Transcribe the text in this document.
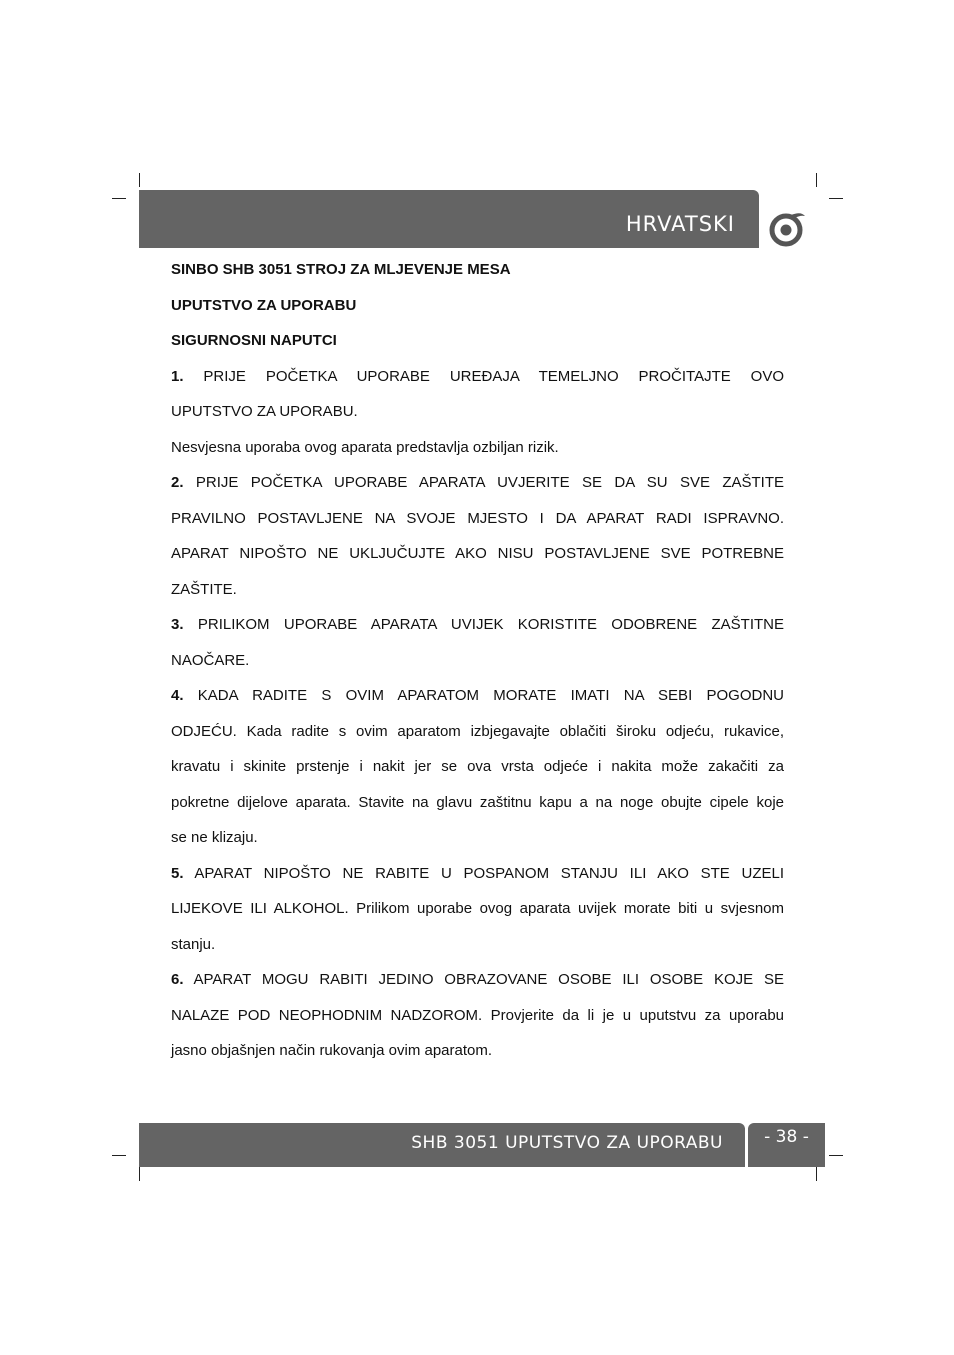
HRVATSKI
SINBO SHB 3051 STROJ ZA MLJEVENJE MESA
UPUTSTVO ZA UPORABU
SIGURNOSNI NAPUTCI
1. PRIJE POČETKA UPORABE UREĐAJA TEMELJNO PROČITAJTE OVO
UPUTSTVO ZA UPORABU.
Nesvjesna uporaba ovog aparata predstavlja ozbiljan rizik.
2. PRIJE POČETKA UPORABE APARATA UVJERITE SE DA SU SVE ZAŠTITE
PRAVILNO POSTAVLJENE NA SVOJE MJESTO I DA APARAT RADI ISPRAVNO.
APARAT NIPOŠTO NE UKLJUČUJTE AKO NISU POSTAVLJENE SVE POTREBNE
ZAŠTITE.
3. PRILIKOM UPORABE APARATA UVIJEK KORISTITE ODOBRENE ZAŠTITNE
NAOČARE.
4. KADA RADITE S OVIM APARATOM MORATE IMATI NA SEBI POGODNU
ODJEĆU. Kada radite s ovim aparatom izbjegavajte oblačiti široku odjeću, rukavice,
kravatu i skinite prstenje i nakit jer se ova vrsta odjeće i nakita može zakačiti za
pokretne dijelove aparata. Stavite na glavu zaštitnu kapu a na noge obujte cipele koje
se ne klizaju.
5. APARAT NIPOŠTO NE RABITE U POSPANOM STANJU ILI AKO STE UZELI
LIJEKOVE ILI ALKOHOL. Prilikom uporabe ovog aparata uvijek morate biti u svjesnom
stanju.
6. APARAT MOGU RABITI JEDINO OBRAZOVANE OSOBE ILI OSOBE KOJE SE
NALAZE POD NEOPHODNIM NADZOROM. Provjerite da li je u uputstvu za uporabu
jasno objašnjen način rukovanja ovim aparatom.
SHB 3051 UPUTSTVO ZA UPORABU	- 38 -
